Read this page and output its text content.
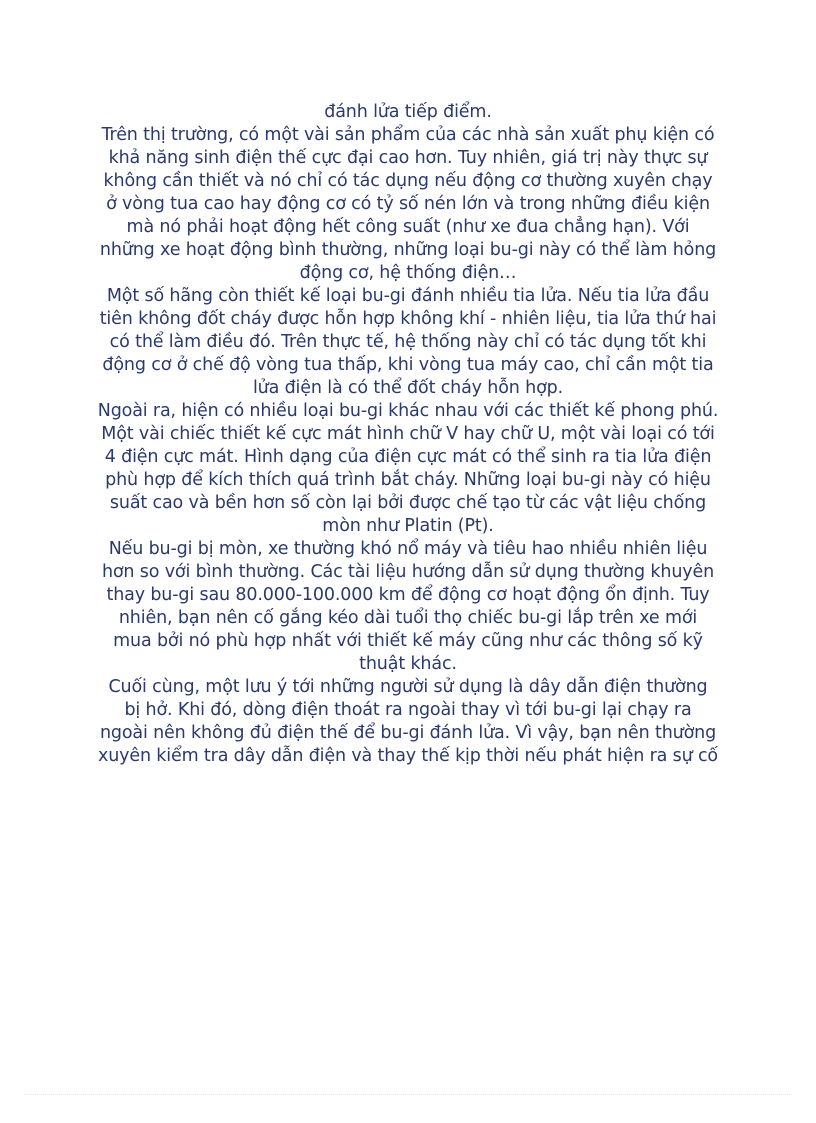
đánh lửa tiếp điểm.
Trên thị trường, có một vài sản phẩm của các nhà sản xuất phụ kiện có
khả năng sinh điện thế cực đại cao hơn. Tuy nhiên, giá trị này thực sự
không cần thiết và nó chỉ có tác dụng nếu động cơ thường xuyên chạy
ở vòng tua cao hay động cơ có tỷ số nén lớn và trong những điều kiện
mà nó phải hoạt động hết công suất (như xe đua chẳng hạn). Với
những xe hoạt động bình thường, những loại bu-gi này có thể làm hỏng
động cơ, hệ thống điện…
Một số hãng còn thiết kế loại bu-gi đánh nhiều tia lửa. Nếu tia lửa đầu
tiên không đốt cháy được hỗn hợp không khí - nhiên liệu, tia lửa thứ hai
có thể làm điều đó. Trên thực tế, hệ thống này chỉ có tác dụng tốt khi
động cơ ở chế độ vòng tua thấp, khi vòng tua máy cao, chỉ cần một tia
lửa điện là có thể đốt cháy hỗn hợp.
Ngoài ra, hiện có nhiều loại bu-gi khác nhau với các thiết kế phong phú.
Một vài chiếc thiết kế cực mát hình chữ V hay chữ U, một vài loại có tới
4 điện cực mát. Hình dạng của điện cực mát có thể sinh ra tia lửa điện
phù hợp để kích thích quá trình bắt cháy. Những loại bu-gi này có hiệu
suất cao và bền hơn số còn lại bởi được chế tạo từ các vật liệu chống
mòn như Platin (Pt).
Nếu bu-gi bị mòn, xe thường khó nổ máy và tiêu hao nhiều nhiên liệu
hơn so với bình thường. Các tài liệu hướng dẫn sử dụng thường khuyên
thay bu-gi sau 80.000-100.000 km để động cơ hoạt động ổn định. Tuy
nhiên, bạn nên cố gắng kéo dài tuổi thọ chiếc bu-gi lắp trên xe mới
mua bởi nó phù hợp nhất với thiết kế máy cũng như các thông số kỹ
thuật khác.
Cuối cùng, một lưu ý tới những người sử dụng là dây dẫn điện thường
bị hở. Khi đó, dòng điện thoát ra ngoài thay vì tới bu-gi lại chạy ra
ngoài nên không đủ điện thế để bu-gi đánh lửa. Vì vậy, bạn nên thường
xuyên kiểm tra dây dẫn điện và thay thế kịp thời nếu phát hiện ra sự cố
